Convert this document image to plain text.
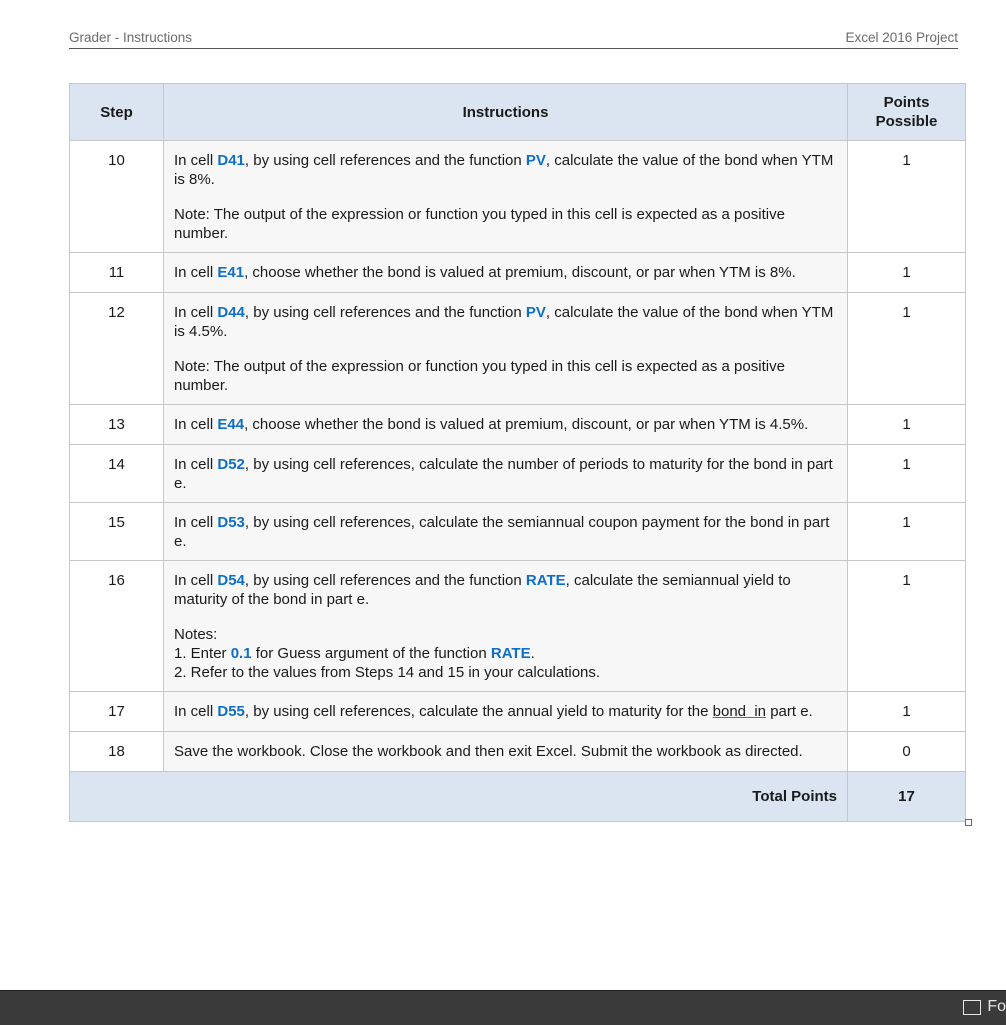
Grader - Instructions	Excel 2016 Project
Step	Instructions	Points Possible
10	In cell D41, by using cell references and the function PV, calculate the value of the bond when YTM is 8%.

Note: The output of the expression or function you typed in this cell is expected as a positive number.	1
11	In cell E41, choose whether the bond is valued at premium, discount, or par when YTM is 8%.	1
12	In cell D44, by using cell references and the function PV, calculate the value of the bond when YTM is 4.5%.

Note: The output of the expression or function you typed in this cell is expected as a positive number.	1
13	In cell E44, choose whether the bond is valued at premium, discount, or par when YTM is 4.5%.	1
14	In cell D52, by using cell references, calculate the number of periods to maturity for the bond in part e.	1
15	In cell D53, by using cell references, calculate the semiannual coupon payment for the bond in part e.	1
16	In cell D54, by using cell references and the function RATE, calculate the semiannual yield to maturity of the bond in part e.

Notes:
1. Enter 0.1 for Guess argument of the function RATE.
2. Refer to the values from Steps 14 and 15 in your calculations.	1
17	In cell D55, by using cell references, calculate the annual yield to maturity for the bond  in part e.	1
18	Save the workbook. Close the workbook and then exit Excel. Submit the workbook as directed.	0
Total Points		17
Fo
